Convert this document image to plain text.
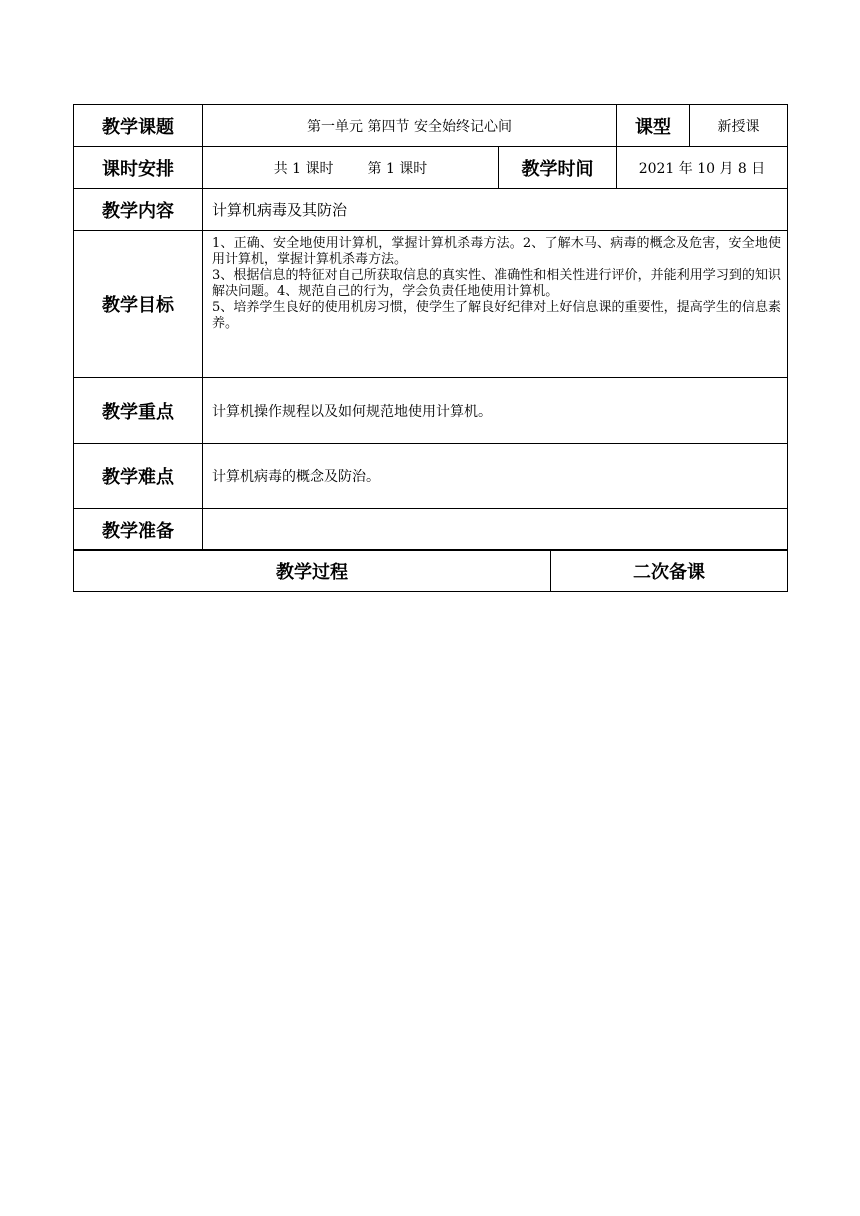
教学课题	第一单元 第四节 安全始终记心间		课型	新授课
课时安排	共 1 课时 第 1 课时	教学时间	2021 年 10 月 8 日	
教学内容	计算机病毒及其防治			
教学目标	1、正确、安全地使用计算机，掌握计算机杀毒方法。2、了解木马、病毒的概念及危害，安全地使用计算机，掌握计算机杀毒方法。
3、根据信息的特征对自己所获取信息的真实性、准确性和相关性进行评价，并能利用学习到的知识解决问题。4、规范自己的行为，学会负责任地使用计算机。
5、培养学生良好的使用机房习惯，使学生了解良好纪律对上好信息课的重要性，提高学生的信息素养。			

教学重点	计算机操作规程以及如何规范地使用计算机。			
教学难点	计算机病毒的概念及防治。			
教学准备				
教学过程	二次备课
